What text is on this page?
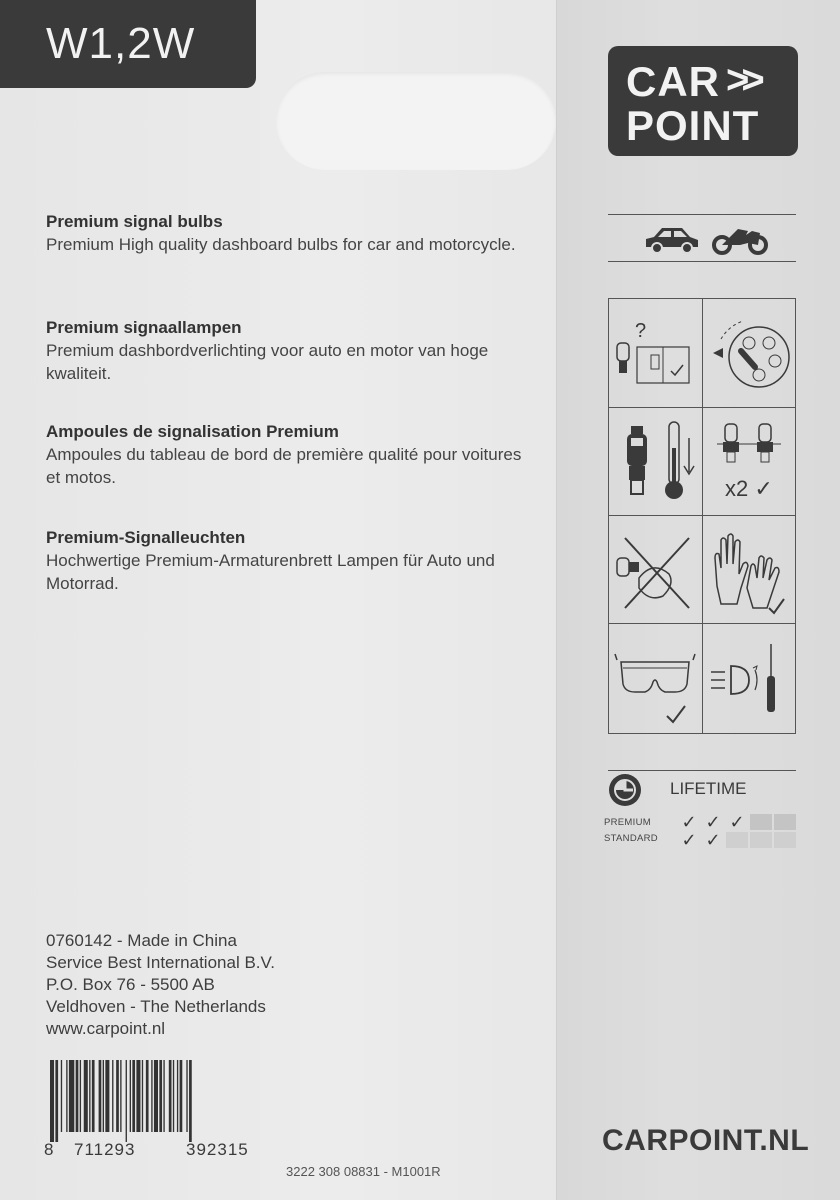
W1,2W
CAR >>
POINT
Premium signal bulbs
Premium High quality dashboard bulbs for car and motorcycle.
Premium signaallampen
Premium dashbordverlichting voor auto en motor van hoge kwaliteit.
Ampoules de signalisation Premium
Ampoules du tableau de bord de première qualité pour voitures et motos.
Premium-Signalleuchten
Hochwertige Premium-Armaturenbrett Lampen für Auto und Motorrad.
?
x2 ✓
LIFETIME
PREMIUM
STANDARD
✓ ✓ ✓
✓ ✓
0760142 - Made in China
Service Best International B.V.
P.O. Box 76 - 5500 AB
Veldhoven - The Netherlands
www.carpoint.nl
8 711293	392315	CARPOINT.NL
3222 308 08831 - M1001R
